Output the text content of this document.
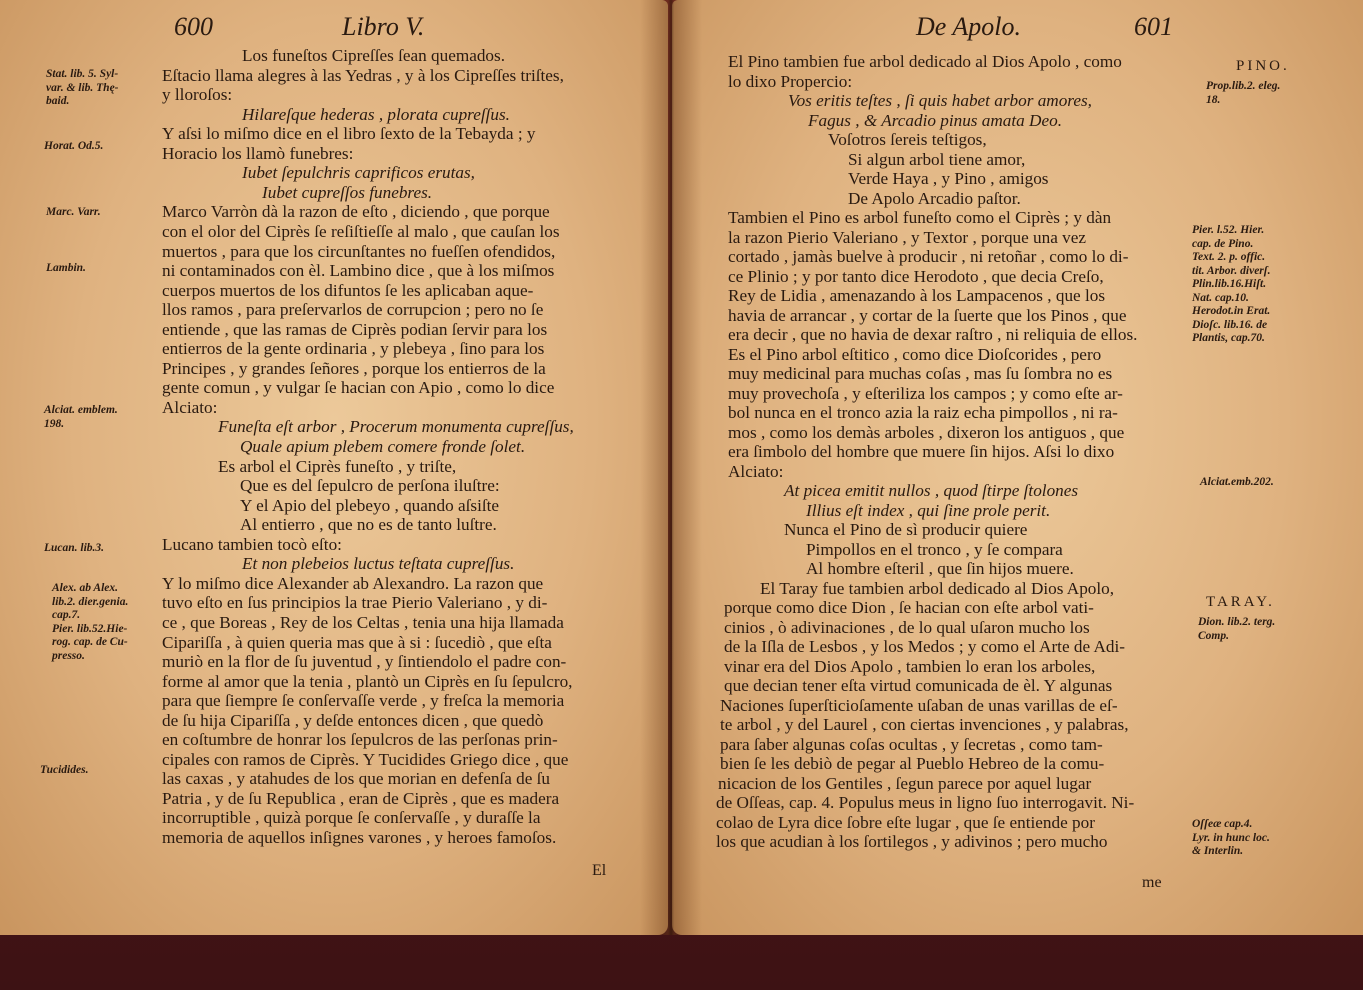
600	Libro V.	De Apolo.	601
Los funeſtos Cipreſſes ſean quemados.
Eſtacio llama alegres à las Yedras , y à los Cipreſſes triſtes,
y lloroſos:
Hilareſque hederas , plorata cupreſſus.
Y aſsi lo miſmo dice en el libro ſexto de la Tebayda ; y
Horacio los llamò funebres:
Iubet ſepulchris caprificos erutas,
Iubet cupreſſos funebres.
Marco Varròn dà la razon de eſto , diciendo , que porque
con el olor del Ciprès ſe reſiſtieſſe al malo , que cauſan los
muertos , para que los circunſtantes no fueſſen ofendidos,
ni contaminados con èl. Lambino dice , que à los miſmos
cuerpos muertos de los difuntos ſe les aplicaban aque-
llos ramos , para preſervarlos de corrupcion ; pero no ſe
entiende , que las ramas de Ciprès podian ſervir para los
entierros de la gente ordinaria , y plebeya , ſino para los
Principes , y grandes ſeñores , porque los entierros de la
gente comun , y vulgar ſe hacian con Apio , como lo dice
Alciato:
Funeſta eſt arbor , Procerum monumenta cupreſſus,
Quale apium plebem comere fronde ſolet.
Es arbol el Ciprès funeſto , y triſte,
Que es del ſepulcro de perſona iluſtre:
Y el Apio del plebeyo , quando aſsiſte
Al entierro , que no es de tanto luſtre.
Lucano tambien tocò eſto:
Et non plebeios luctus teſtata cupreſſus.
Y lo miſmo dice Alexander ab Alexandro. La razon que
tuvo eſto en ſus principios la trae Pierio Valeriano , y di-
ce , que Boreas , Rey de los Celtas , tenia una hija llamada
Cipariſſa , à quien queria mas que à si : ſucediò , que eſta
muriò en la flor de ſu juventud , y ſintiendolo el padre con-
forme al amor que la tenia , plantò un Ciprès en ſu ſepulcro,
para que ſiempre ſe conſervaſſe verde , y freſca la memoria
de ſu hija Cipariſſa , y deſde entonces dicen , que quedò
en coſtumbre de honrar los ſepulcros de las perſonas prin-
cipales con ramos de Ciprès. Y Tucidides Griego dice , que
las caxas , y atahudes de los que morian en defenſa de ſu
Patria , y de ſu Republica , eran de Ciprès , que es madera
incorruptible , quizà porque ſe conſervaſſe , y duraſſe la
memoria de aquellos inſignes varones , y heroes famoſos.
El Pino tambien fue arbol dedicado al Dios Apolo , como
lo dixo Propercio:
Vos eritis teſtes , ſi quis habet arbor amores,
Fagus , & Arcadio pinus amata Deo.
Voſotros ſereis teſtigos,
Si algun arbol tiene amor,
Verde Haya , y Pino , amigos
De Apolo Arcadio paſtor.
Tambien el Pino es arbol funeſto como el Ciprès ; y dàn
la razon Pierio Valeriano , y Textor , porque una vez
cortado , jamàs buelve à producir , ni retoñar , como lo di-
ce Plinio ; y por tanto dice Herodoto , que decia Creſo,
Rey de Lidia , amenazando à los Lampacenos , que los
havia de arrancar , y cortar de la ſuerte que los Pinos , que
era decir , que no havia de dexar raſtro , ni reliquia de ellos.
Es el Pino arbol eſtitico , como dice Dioſcorides , pero
muy medicinal para muchas coſas , mas ſu ſombra no es
muy provechoſa , y eſteriliza los campos ; y como eſte ar-
bol nunca en el tronco azia la raiz echa pimpollos , ni ra-
mos , como los demàs arboles , dixeron los antiguos , que
era ſimbolo del hombre que muere ſin hijos. Aſsi lo dixo
Alciato:
At picea emitit nullos , quod ſtirpe ſtolones
Illius eſt index , qui ſine prole perit.
Nunca el Pino de sì producir quiere
Pimpollos en el tronco , y ſe compara
Al hombre eſteril , que ſin hijos muere.
El Taray fue tambien arbol dedicado al Dios Apolo,
porque como dice Dion , ſe hacian con eſte arbol vati-
cinios , ò adivinaciones , de lo qual uſaron mucho los
de la Iſla de Lesbos , y los Medos ; y como el Arte de Adi-
vinar era del Dios Apolo , tambien lo eran los arboles,
que decian tener eſta virtud comunicada de èl. Y algunas
Naciones ſuperſticioſamente uſaban de unas varillas de eſ-
te arbol , y del Laurel , con ciertas invenciones , y palabras,
para ſaber algunas coſas ocultas , y ſecretas , como tam-
bien ſe les debiò de pegar al Pueblo Hebreo de la comu-
nicacion de los Gentiles , ſegun parece por aquel lugar
de Oſſeas, cap. 4. Populus meus in ligno ſuo interrogavit. Ni-
colao de Lyra dice ſobre eſte lugar , que ſe entiende por
los que acudian à los ſortilegos , y adivinos ; pero mucho
Stat. lib. 5. Syl-
var. & lib. Thę-
baid.
Horat. Od.5.
Marc. Varr.
Lambin.
Alciat. emblem.
198.
Lucan. lib.3.
Alex. ab Alex.
lib.2. dier.genia.
cap.7.
Pier. lib.52.Hie-
rog. cap. de Cu-
presso.
Tucidides.
PINO.
Prop.lib.2. eleg.
18.
Pier. l.52. Hier.
cap. de Pino.
Text. 2. p. offic.
tit. Arbor. diverſ.
Plin.lib.16.Hiſt.
Nat. cap.10.
Herodot.in Erat.
Dioſc. lib.16. de
Plantis, cap.70.
Alciat.emb.202.
TARAY.
Dion. lib.2. terg.
Comp.
Oſſeæ cap.4.
Lyr. in hunc loc.
& Interlin.
El
me
